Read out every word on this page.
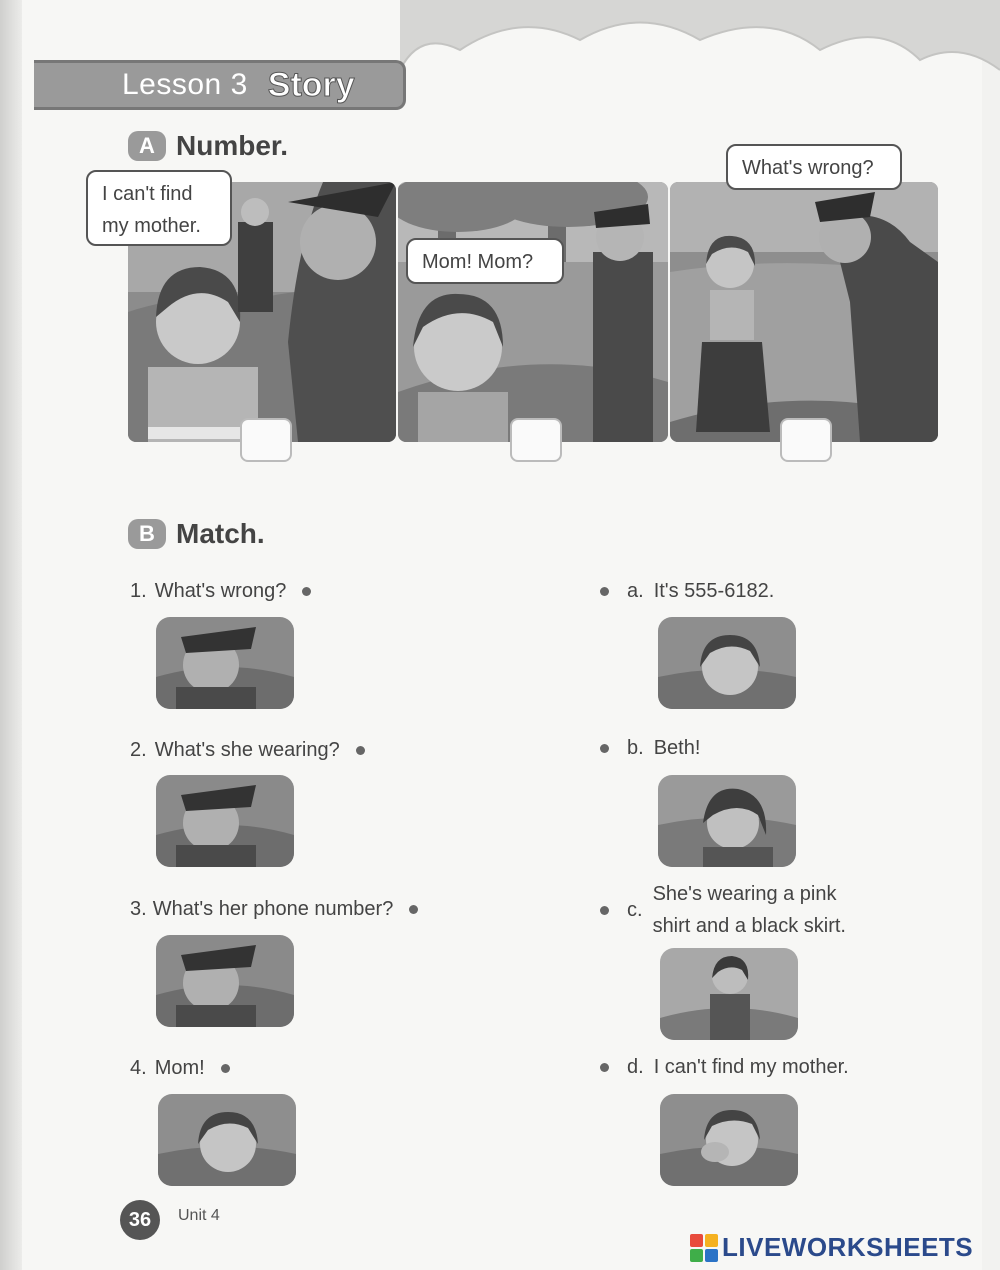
Lesson 3 Story
A Number.
I can't find
my mother.
Mom! Mom?
What's wrong?
B Match.
1. What's wrong?
2. What's she wearing?
3. What's her phone number?
4. Mom!
a. It's 555-6182.
b. Beth!
c.
She's wearing a pink
shirt and a black skirt.
d. I can't find my mother.
36	Unit 4
LIVEWORKSHEETS
